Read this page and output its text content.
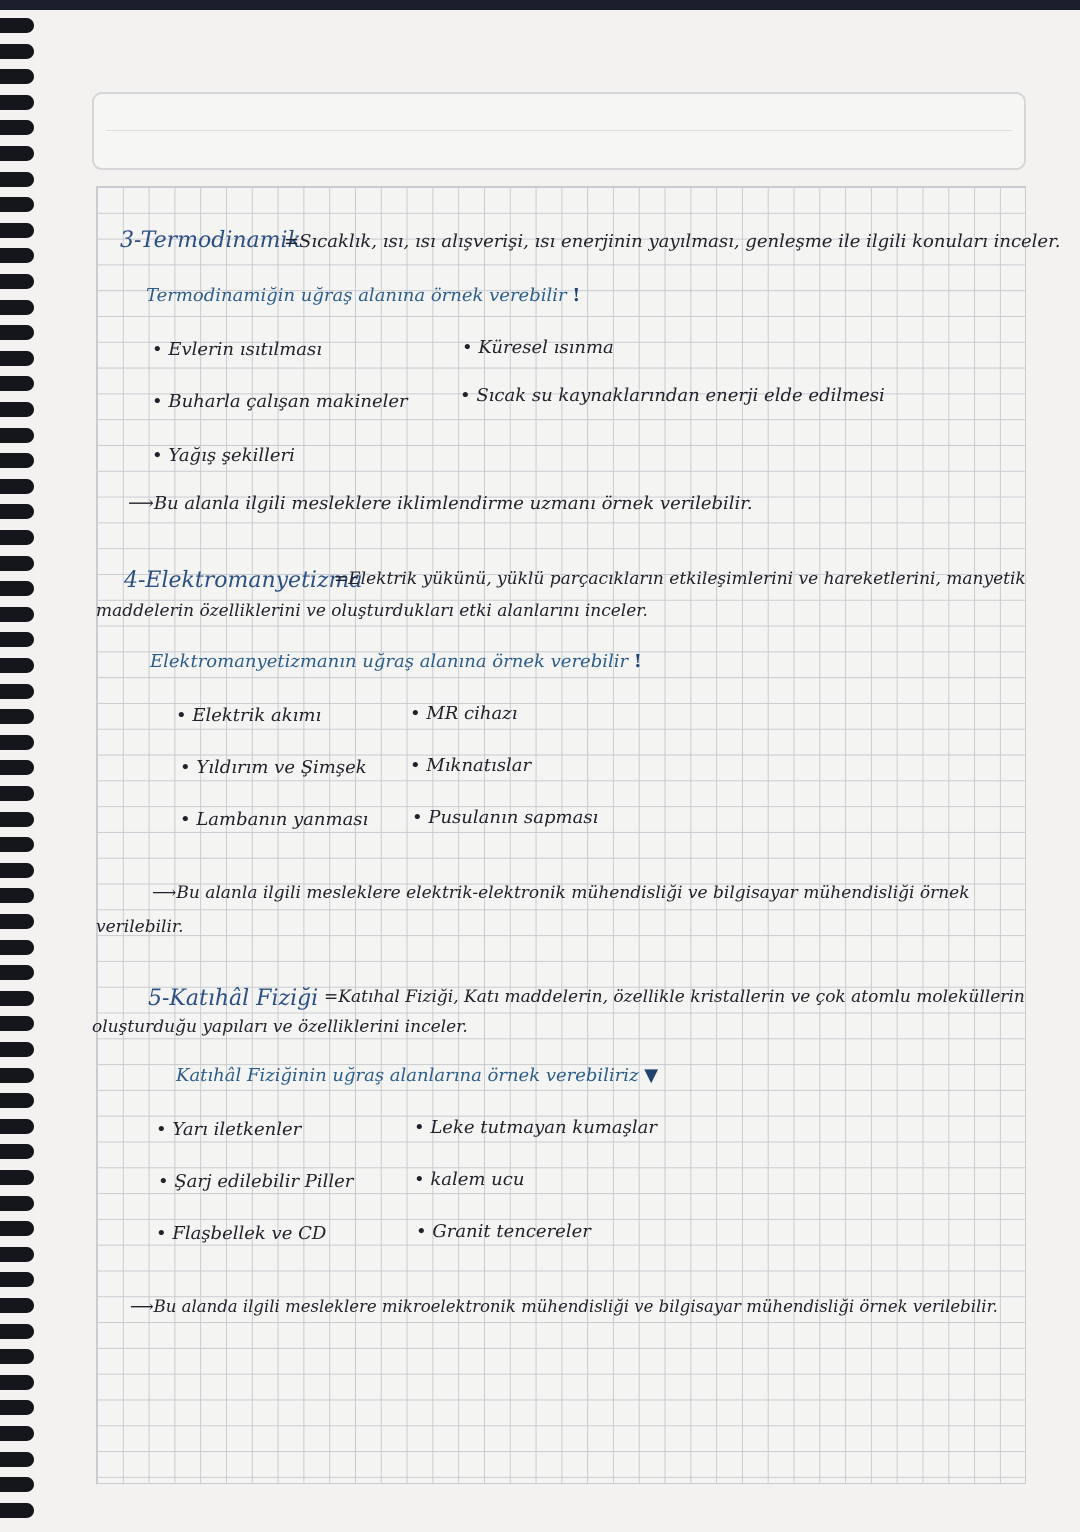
3-Termodinamik
=Sıcaklık, ısı, ısı alışverişi, ısı enerjinin yayılması, genleşme ile ilgili konuları inceler.
Termodinamiğin uğraş alanına örnek verebilir !
• Evlerin ısıtılması	• Küresel ısınma
• Buharla çalışan makineler	• Sıcak su kaynaklarından enerji elde edilmesi
• Yağış şekilleri
⟶Bu alanla ilgili mesleklere iklimlendirme uzmanı örnek verilebilir.
4-Elektromanyetizma
=Elektrik yükünü, yüklü parçacıkların etkileşimlerini ve hareketlerini, manyetik
maddelerin özelliklerini ve oluşturdukları etki alanlarını inceler.
Elektromanyetizmanın uğraş alanına örnek verebilir !
• Elektrik akımı	• MR cihazı
• Yıldırım ve Şimşek • Mıknatıslar
• Lambanın yanması • Pusulanın sapması
⟶Bu alanla ilgili mesleklere elektrik-elektronik mühendisliği ve bilgisayar mühendisliği örnek
verilebilir.
5-Katıhâl Fiziği =Katıhal Fiziği, Katı maddelerin, özellikle kristallerin ve çok atomlu moleküllerin
oluşturduğu yapıları ve özelliklerini inceler.
Katıhâl Fiziğinin uğraş alanlarına örnek verebiliriz ▼
• Yarı iletkenler	• Leke tutmayan kumaşlar
• Şarj edilebilir Piller	• kalem ucu
• Flaşbellek ve CD	• Granit tencereler
⟶Bu alanda ilgili mesleklere mikroelektronik mühendisliği ve bilgisayar mühendisliği örnek verilebilir.
